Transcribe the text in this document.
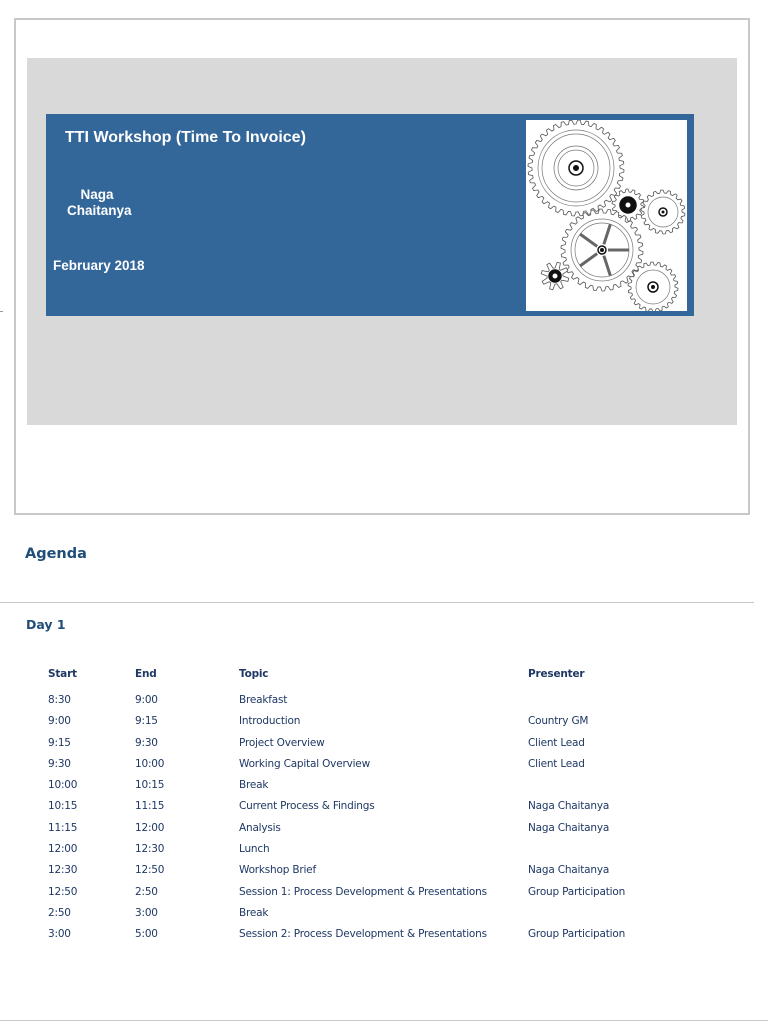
TTI Workshop (Time To Invoice)
Naga
Chaitanya
February 2018
Agenda
Day 1
Start	End	Topic	Presenter
8:30	9:00	Breakfast
9:00	9:15	Introduction	Country GM
9:15	9:30	Project Overview	Client Lead
9:30	10:00	Working Capital Overview	Client Lead
10:00	10:15	Break
10:15	11:15	Current Process & Findings	Naga Chaitanya
11:15	12:00	Analysis	Naga Chaitanya
12:00	12:30	Lunch
12:30	12:50	Workshop Brief	Naga Chaitanya
12:50	2:50	Session 1: Process Development & Presentations	Group Participation
2:50	3:00	Break
3:00	5:00	Session 2: Process Development & Presentations	Group Participation
